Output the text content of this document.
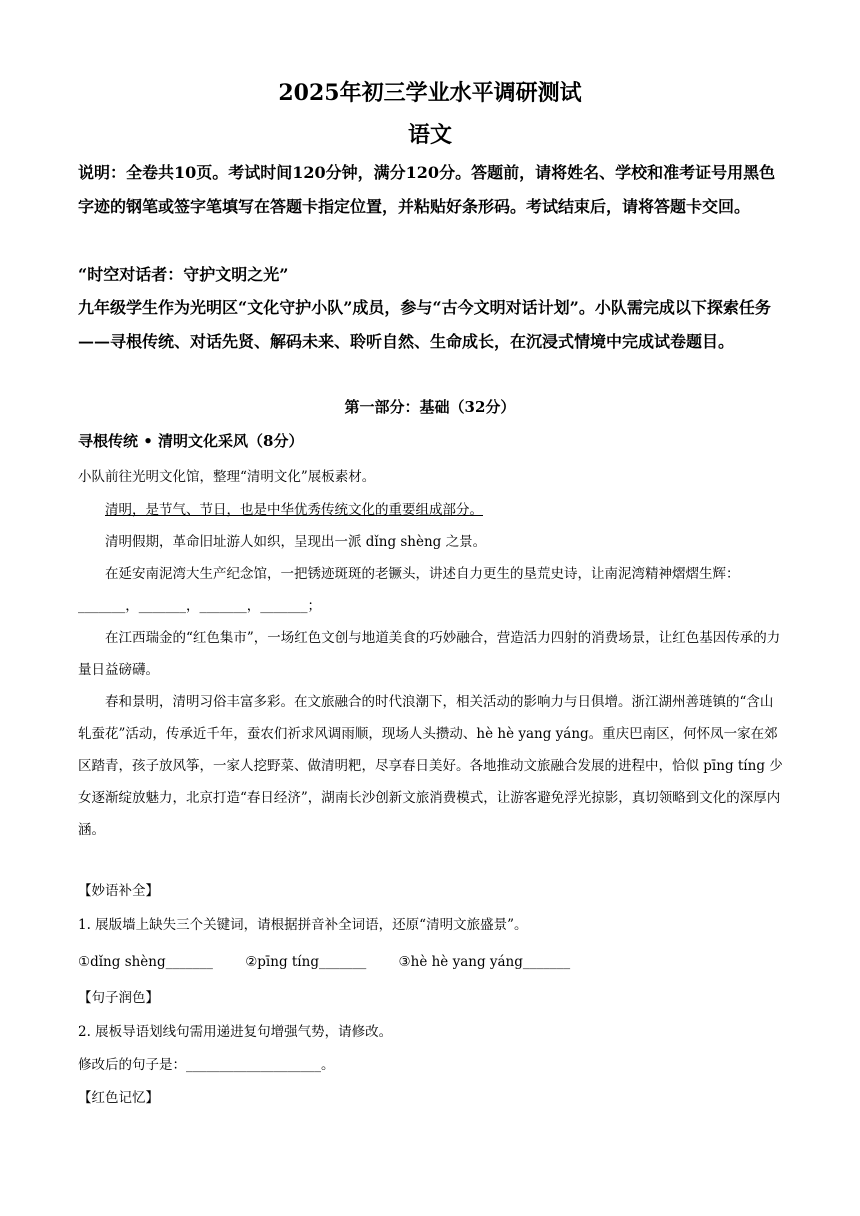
2025年初三学业水平调研测试
语文
说明：全卷共10页。考试时间120分钟，满分120分。答题前，请将姓名、学校和准考证号用黑色字迹的钢笔或签字笔填写在答题卡指定位置，并粘贴好条形码。考试结束后，请将答题卡交回。
“时空对话者：守护文明之光”
九年级学生作为光明区“文化守护小队”成员，参与“古今文明对话计划”。小队需完成以下探索任务——寻根传统、对话先贤、解码未来、聆听自然、生命成长，在沉浸式情境中完成试卷题目。
第一部分：基础（32分）
寻根传统 • 清明文化采风（8分）
小队前往光明文化馆，整理“清明文化”展板素材。

清明，是节气、节日，也是中华优秀传统文化的重要组成部分。

清明假期，革命旧址游人如织，呈现出一派 dǐng shèng 之景。

在延安南泥湾大生产纪念馆，一把锈迹斑斑的老镢头，讲述自力更生的垦荒史诗，让南泥湾精神熠熠生辉：_______，_______，_______，_______；

在江西瑞金的“红色集市”，一场红色文创与地道美食的巧妙融合，营造活力四射的消费场景，让红色基因传承的力量日益磅礴。

春和景明，清明习俗丰富多彩。在文旅融合的时代浪潮下，相关活动的影响力与日俱增。浙江湖州善琏镇的“含山轧蚕花”活动，传承近千年，蚕农们祈求风调雨顺，现场人头攒动、hè hè yang yáng。重庆巴南区，何怀凤一家在郊区踏青，孩子放风筝，一家人挖野菜、做清明粑，尽享春日美好。各地推动文旅融合发展的进程中，恰似 pīng tíng 少女逐渐绽放魅力，北京打造“春日经济”，湖南长沙创新文旅消费模式，让游客避免浮光掠影，真切领略到文化的深厚内涵。

【妙语补全】
1. 展版墙上缺失三个关键词，请根据拼音补全词语，还原“清明文旅盛景”。
①dǐng shèng_______ ②pīng tíng_______ ③hè hè yang yáng_______
【句子润色】
2. 展板导语划线句需用递进复句增强气势，请修改。
修改后的句子是：____________________。
【红色记忆】
